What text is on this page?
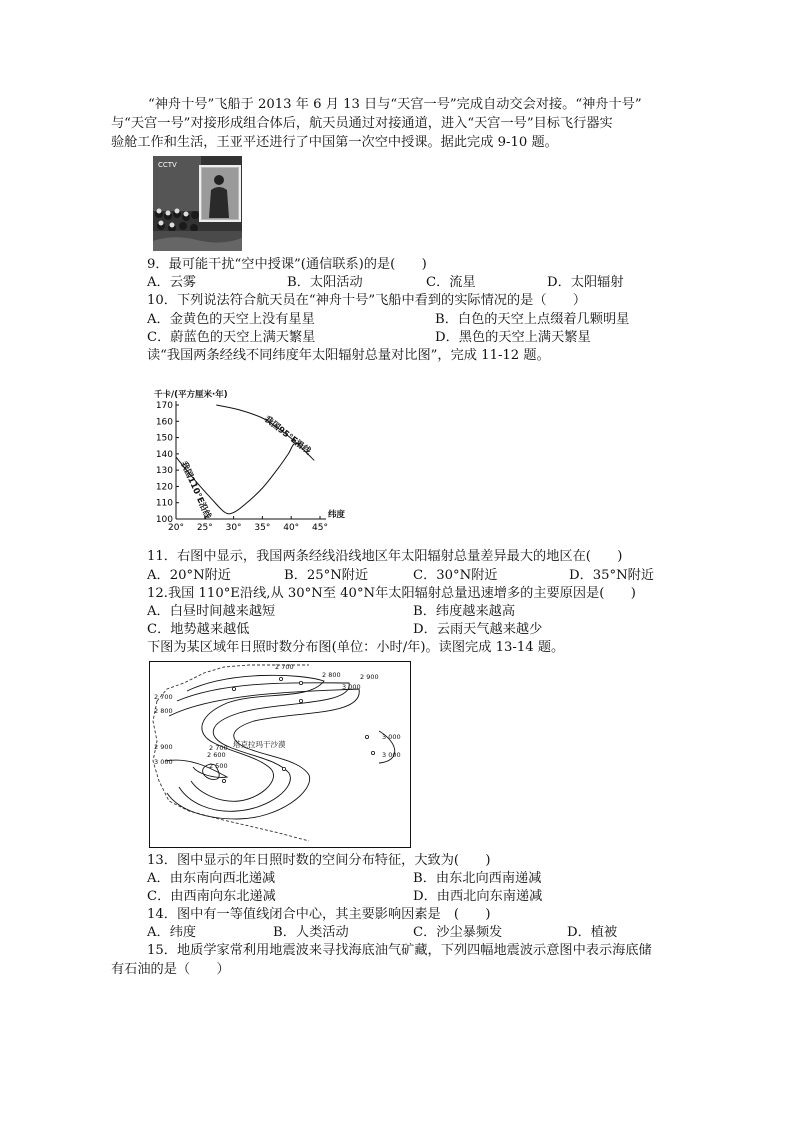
“神舟十号”飞船于 2013 年 6 月 13 日与“天宫一号”完成自动交会对接。“神舟十号”
与“天宫一号”对接形成组合体后，航天员通过对接通道，进入“天宫一号”目标飞行器实
验舱工作和生活，王亚平还进行了中国第一次空中授课。据此完成 9-10 题。
CCTV
9．最可能干扰“空中授课”(通信联系)的是(　　)
A．云雾	B．太阳活动	C．流星	D．太阳辐射
10．下列说法符合航天员在“神舟十号”飞船中看到的实际情况的是（　　）
A．金黄色的天空上没有星星	B．白色的天空上点缀着几颗明星
C．蔚蓝色的天空上满天繁星	D．黑色的天空上满天繁星
读“我国两条经线不同纬度年太阳辐射总量对比图”，完成 11-12 题。
千卡/(平方厘米·年)
100
110
120
130
140
150
160
170
20° 25° 30° 35° 40° 45°
纬度
我国95°E沿线
我国110°E沿线
11．右图中显示，我国两条经线沿线地区年太阳辐射总量差异最大的地区在(　　)
A．20°N附近	B．25°N附近	C．30°N附近	D．35°N附近
12.我国 110°E沿线,从 30°N至 40°N年太阳辐射总量迅速增多的主要原因是(　　)
A．白昼时间越来越短	B．纬度越来越高
C．地势越来越低	D．云雨天气越来越少
下图为某区域年日照时数分布图(单位：小时/年)。读图完成 13-14 题。
2 700
2 800	2 900
3 000
2 700
2 800
2 900
3 000
2 700
2 600
2 500
3 000
3 000
塔克拉玛干沙漠
13．图中显示的年日照时数的空间分布特征，大致为(　　)
A．由东南向西北递减	B．由东北向西南递减
C．由西南向东北递减	D．由西北向东南递减
14．图中有一等值线闭合中心，其主要影响因素是　(　　)
A．纬度	B．人类活动	C．沙尘暴频发	D．植被
15．地质学家常利用地震波来寻找海底油气矿藏，下列四幅地震波示意图中表示海底储
有石油的是（　　）
